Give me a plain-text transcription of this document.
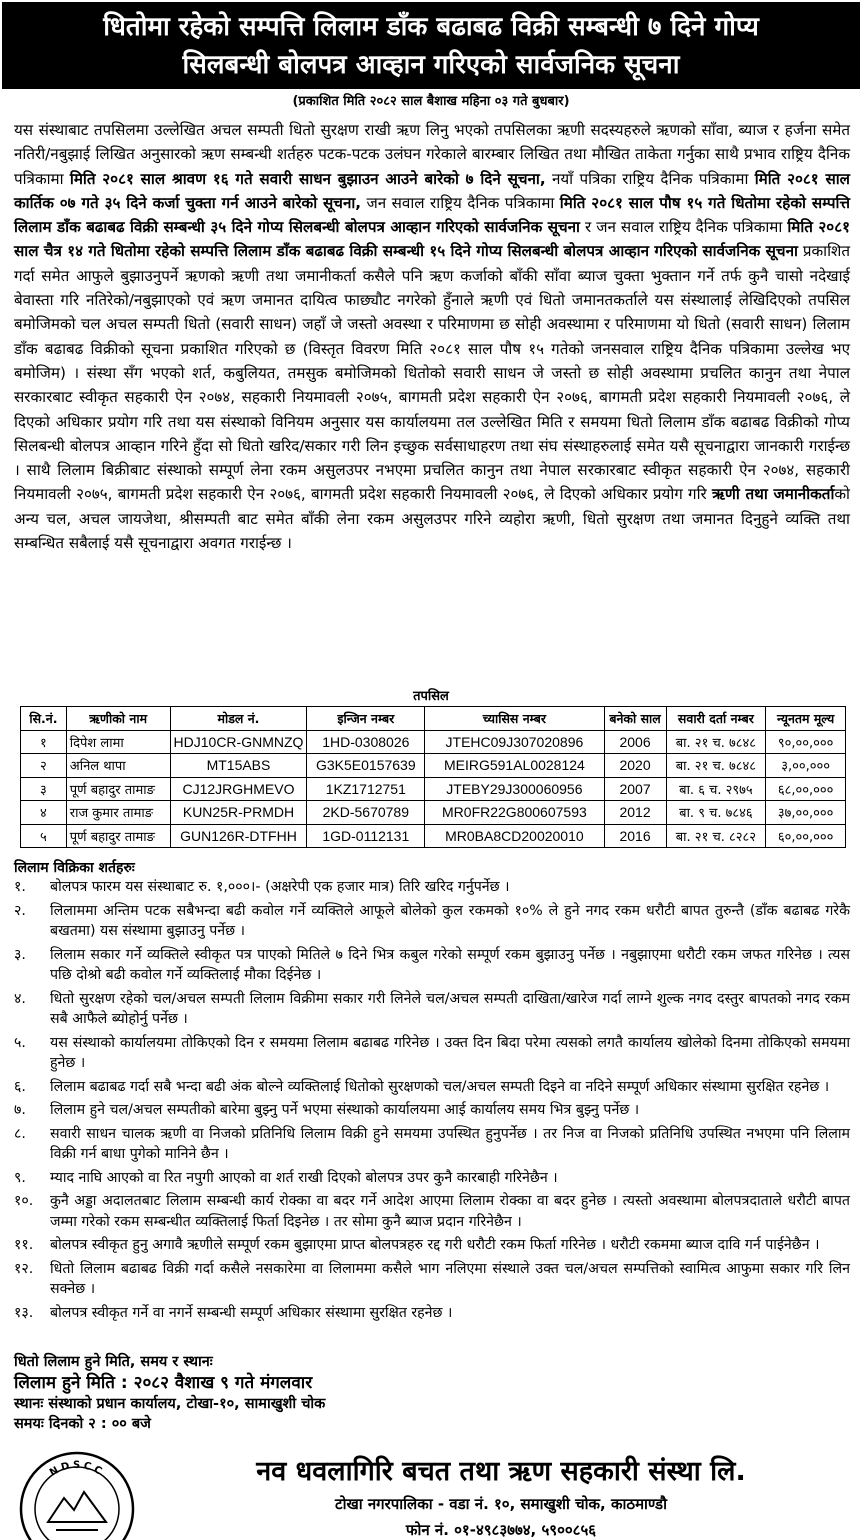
धितोमा रहेको सम्पत्ति लिलाम डाँक बढाबढ विक्री सम्बन्धी ७ दिने गोप्य
सिलबन्धी बोलपत्र आव्हान गरिएको सार्वजनिक सूचना
(प्रकाशित मिति २०८२ साल बैशाख महिना ०३ गते बुधबार)

यस संस्थाबाट तपसिलमा उल्लेखित अचल सम्पती धितो सुरक्षण राखी ऋण लिनु भएको तपसिलका ऋणी सदस्यहरुले ऋणको साँवा, ब्याज र हर्जना समेत नतिरी/नबुझाई लिखित अनुसारको ऋण सम्बन्धी शर्तहरु पटक-पटक उलंघन गरेकाले बारम्बार लिखित तथा मौखित ताकेता गर्नुका साथै प्रभाव राष्ट्रिय दैनिक पत्रिकामा मिति २०८१ साल श्रावण १६ गते सवारी साधन बुझाउन आउने बारेको ७ दिने सूचना, नयाँ पत्रिका राष्ट्रिय दैनिक पत्रिकामा मिति २०८१ साल कार्तिक ०७ गते ३५ दिने कर्जा चुक्ता गर्न आउने बारेको सूचना, जन सवाल राष्ट्रिय दैनिक पत्रिकामा मिति २०८१ साल पौष १५ गते धितोमा रहेको सम्पत्ति लिलाम डाँक बढाबढ विक्री सम्बन्धी ३५ दिने गोप्य सिलबन्धी बोलपत्र आव्हान गरिएको सार्वजनिक सूचना र जन सवाल राष्ट्रिय दैनिक पत्रिकामा मिति २०८१ साल चैत्र १४ गते धितोमा रहेको सम्पत्ति लिलाम डाँक बढाबढ विक्री सम्बन्धी १५ दिने गोप्य सिलबन्धी बोलपत्र आव्हान गरिएको सार्वजनिक सूचना प्रकाशित गर्दा समेत आफुले बुझाउनुपर्ने ऋणको ऋणी तथा जमानीकर्ता कसैले पनि ऋण कर्जाको बाँकी साँवा ब्याज चुक्ता भुक्तान गर्ने तर्फ कुनै चासो नदेखाई बेवास्ता गरि नतिरेको/नबुझाएको एवं ऋण जमानत दायित्व फाछ्यौट नगरेको हुँनाले ऋणी एवं धितो जमानतकर्ताले यस संस्थालाई लेखिदिएको तपसिल बमोजिमको चल अचल सम्पती धितो (सवारी साधन) जहाँ जे जस्तो अवस्था र परिमाणमा छ सोही अवस्थामा र परिमाणमा यो धितो (सवारी साधन) लिलाम डाँक बढाबढ विक्रीको सूचना प्रकाशित गरिएको छ (विस्तृत विवरण मिति २०८१ साल पौष १५ गतेको जनसवाल राष्ट्रिय दैनिक पत्रिकामा उल्लेख भए बमोजिम) । संस्था सँग भएको शर्त, कबुलियत, तमसुक बमोजिमको धितोको सवारी साधन जे जस्तो छ सोही अवस्थामा प्रचलित कानुन तथा नेपाल सरकारबाट स्वीकृत सहकारी ऐन २०७४, सहकारी नियमावली २०७५, बागमती प्रदेश सहकारी ऐन २०७६, बागमती प्रदेश सहकारी नियमावली २०७६, ले दिएको अधिकार प्रयोग गरि तथा यस संस्थाको विनियम अनुसार यस कार्यालयमा तल उल्लेखित मिति र समयमा धितो लिलाम डाँक बढाबढ विक्रीको गोप्य सिलबन्धी बोलपत्र आव्हान गरिने हुँदा सो धितो खरिद/सकार गरी लिन इच्छुक सर्वसाधाहरण तथा संघ संस्थाहरुलाई समेत यसै सूचनाद्वारा जानकारी गराईन्छ । साथै लिलाम बिक्रीबाट संस्थाको सम्पूर्ण लेना रकम असुलउपर नभएमा प्रचलित कानुन तथा नेपाल सरकारबाट स्वीकृत सहकारी ऐन २०७४, सहकारी नियमावली २०७५, बागमती प्रदेश सहकारी ऐन २०७६, बागमती प्रदेश सहकारी नियमावली २०७६, ले दिएको अधिकार प्रयोग गरि ऋणी तथा जमानीकर्ताको अन्य चल, अचल जायजेथा, श्रीसम्पती बाट समेत बाँकी लेना रकम असुलउपर गरिने व्यहोरा ऋणी, धितो सुरक्षण तथा जमानत दिनुहुने व्यक्ति तथा सम्बन्धित सबैलाई यसै सूचनाद्वारा अवगत गराईन्छ ।

तपसिल
सि.नं.	ऋणीको नाम	मोडल नं.	इन्जिन नम्बर	च्यासिस नम्बर	बनेको साल	सवारी दर्ता नम्बर	न्यूनतम मूल्य
१	दिपेश लामा	HDJ10CR-GNMNZQ	1HD-0308026	JTEHC09J307020896	2006	बा. २१ च. ७८४८	९०,००,०००
२	अनिल थापा	MT15ABS	G3K5E0157639	MEIRG591AL0028124	2020	बा. २१ च. ७८४८	३,००,०००
३	पूर्ण बहादुर तामाङ	CJ12JRGHMEVO	1KZ1712751	JTEBY29J300060956	2007	बा. ६ च. २९७५	६८,००,०००
४	राज कुमार तामाङ	KUN25R-PRMDH	2KD-5670789	MR0FR22G800607593	2012	बा. ९ च. ७८४६	३७,००,०००
५	पूर्ण बहादुर तामाङ	GUN126R-DTFHH	1GD-0112131	MR0BA8CD20020010	2016	बा. २१ च. ८२८२	६०,००,०००
लिलाम विक्रिका शर्तहरुः
१.	बोलपत्र फारम यस संस्थाबाट रु. १,०००।- (अक्षरेपी एक हजार मात्र) तिरि खरिद गर्नुपर्नेछ ।
२.	लिलाममा अन्तिम पटक सबैभन्दा बढी कवोल गर्ने व्यक्तिले आफूले बोलेको कुल रकमको १०% ले हुने नगद रकम धरौटी बापत तुरुन्तै (डाँक बढाबढ गरेकै बखतमा) यस संस्थामा बुझाउनु पर्नेछ ।
३.	लिलाम सकार गर्ने व्यक्तिले स्वीकृत पत्र पाएको मितिले ७ दिने भित्र कबुल गरेको सम्पूर्ण रकम बुझाउनु पर्नेछ । नबुझाएमा धरौटी रकम जफत गरिनेछ । त्यस पछि दोश्रो बढी कवोल गर्ने व्यक्तिलाई मौका दिईनेछ ।
४.	धितो सुरक्षण रहेको चल/अचल सम्पती लिलाम विक्रीमा सकार गरी लिनेले चल/अचल सम्पती दाखिता/खारेज गर्दा लाग्ने शुल्क नगद दस्तुर बापतको नगद रकम सबै आफैले ब्योहोर्नु पर्नेछ ।
५.	यस संस्थाको कार्यालयमा तोकिएको दिन र समयमा लिलाम बढाबढ गरिनेछ । उक्त दिन बिदा परेमा त्यसको लगतै कार्यालय खोलेको दिनमा तोकिएको समयमा हुनेछ ।
६.	लिलाम बढाबढ गर्दा सबै भन्दा बढी अंक बोल्ने व्यक्तिलाई धितोको सुरक्षणको चल/अचल सम्पती दिइने वा नदिने सम्पूर्ण अधिकार संस्थामा सुरक्षित रहनेछ ।
७.	लिलाम हुने चल/अचल सम्पतीको बारेमा बुझ्नु पर्ने भएमा संस्थाको कार्यालयमा आई कार्यालय समय भित्र बुझ्नु पर्नेछ ।
८.	सवारी साधन चालक ऋणी वा निजको प्रतिनिधि लिलाम विक्री हुने समयमा उपस्थित हुनुपर्नेछ । तर निज वा निजको प्रतिनिधि उपस्थित नभएमा पनि लिलाम विक्री गर्न बाधा पुगेको मानिने छैन ।
९.	म्याद नाघि आएको वा रित नपुगी आएको वा शर्त राखी दिएको बोलपत्र उपर कुनै कारबाही गरिनेछैन ।
१०.	कुनै अड्डा अदालतबाट लिलाम सम्बन्धी कार्य रोक्का वा बदर गर्ने आदेश आएमा लिलाम रोक्का वा बदर हुनेछ । त्यस्तो अवस्थामा बोलपत्रदाताले धरौटी बापत जम्मा गरेको रकम सम्बन्धीत व्यक्तिलाई फिर्ता दिइनेछ । तर सोमा कुनै ब्याज प्रदान गरिनेछैन ।
११.	बोलपत्र स्वीकृत हुनु अगावै ऋणीले सम्पूर्ण रकम बुझाएमा प्राप्त बोलपत्रहरु रद्द गरी धरौटी रकम फिर्ता गरिनेछ । धरौटी रकममा ब्याज दावि गर्न पाईनेछैन ।
१२.	धितो लिलाम बढाबढ विक्री गर्दा कसैले नसकारेमा वा लिलाममा कसैले भाग नलिएमा संस्थाले उक्त चल/अचल सम्पत्तिको स्वामित्व आफुमा सकार गरि लिन सक्नेछ ।
१३.	बोलपत्र स्वीकृत गर्ने वा नगर्ने सम्बन्धी सम्पूर्ण अधिकार संस्थामा सुरक्षित रहनेछ ।
धितो लिलाम हुने मिति, समय र स्थानः
लिलाम हुने मिति : २०८२ वैशाख ९ गते मंगलवार
स्थानः संस्थाको प्रधान कार्यालय, टोखा-१०, सामाखुशी चोक
समयः दिनको २ : ०० बजे
NDSCC	नव धवलागिरि बचत तथा ऋण सहकारी संस्था लि.
टोखा नगरपालिका - वडा नं. १०, समाखुशी चोक, काठमाण्डौ
फोन नं. ०१-४९८३७७४, ५९००८५६
